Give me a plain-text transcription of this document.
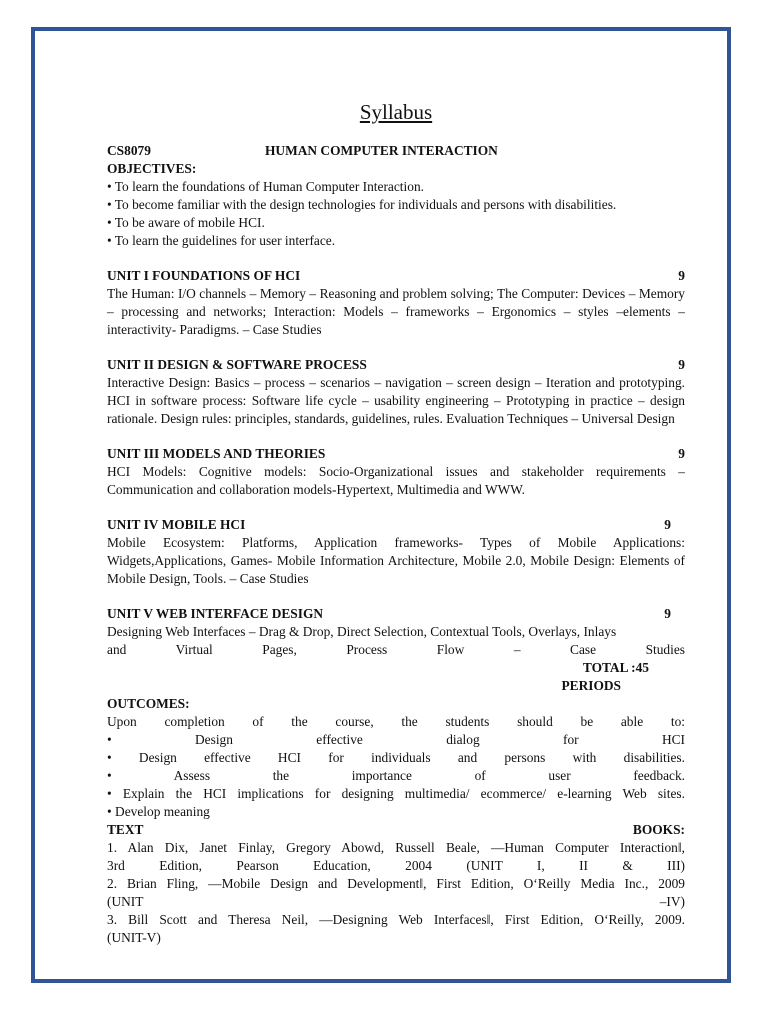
Syllabus
CS8079	HUMAN COMPUTER INTERACTION
OBJECTIVES:
• To learn the foundations of Human Computer Interaction.
• To become familiar with the design technologies for individuals and persons with disabilities.
• To be aware of mobile HCI.
• To learn the guidelines for user interface.
UNIT I FOUNDATIONS OF HCI	9
The Human: I/O channels – Memory – Reasoning and problem solving; The Computer: Devices – Memory – processing and networks; Interaction: Models – frameworks – Ergonomics – styles –elements – interactivity- Paradigms. – Case Studies
UNIT II DESIGN & SOFTWARE PROCESS	9
Interactive Design: Basics – process – scenarios – navigation – screen design – Iteration and prototyping. HCI in software process: Software life cycle – usability engineering – Prototyping in practice – design rationale. Design rules: principles, standards, guidelines, rules. Evaluation Techniques – Universal Design
UNIT III MODELS AND THEORIES	9
HCI Models: Cognitive models: Socio-Organizational issues and stakeholder requirements – Communication and collaboration models-Hypertext, Multimedia and WWW.
UNIT IV MOBILE HCI	9
Mobile Ecosystem: Platforms, Application frameworks- Types of Mobile Applications: Widgets,Applications, Games- Mobile Information Architecture, Mobile 2.0, Mobile Design: Elements of Mobile Design, Tools. – Case Studies
UNIT V WEB INTERFACE DESIGN	9
Designing Web Interfaces – Drag & Drop, Direct Selection, Contextual Tools, Overlays, Inlays
and Virtual Pages, Process Flow – Case Studies
TOTAL :45
PERIODS
OUTCOMES:
Upon completion of the course, the students should be able to:
• Design effective dialog for HCI
• Design effective HCI for individuals and persons with disabilities.
• Assess the importance of user feedback.
• Explain the HCI implications for designing multimedia/ ecommerce/ e-learning Web sites.
• Develop meaning
TEXT	BOOKS:
1. Alan Dix, Janet Finlay, Gregory Abowd, Russell Beale, ―Human Computer Interaction‖,
3rd Edition, Pearson Education, 2004 (UNIT I, II & III)
2. Brian Fling, ―Mobile Design and Development‖, First Edition, O‘Reilly Media Inc., 2009
(UNIT –IV)
3. Bill Scott and Theresa Neil, ―Designing Web Interfaces‖, First Edition, O‘Reilly, 2009.
(UNIT-V)
